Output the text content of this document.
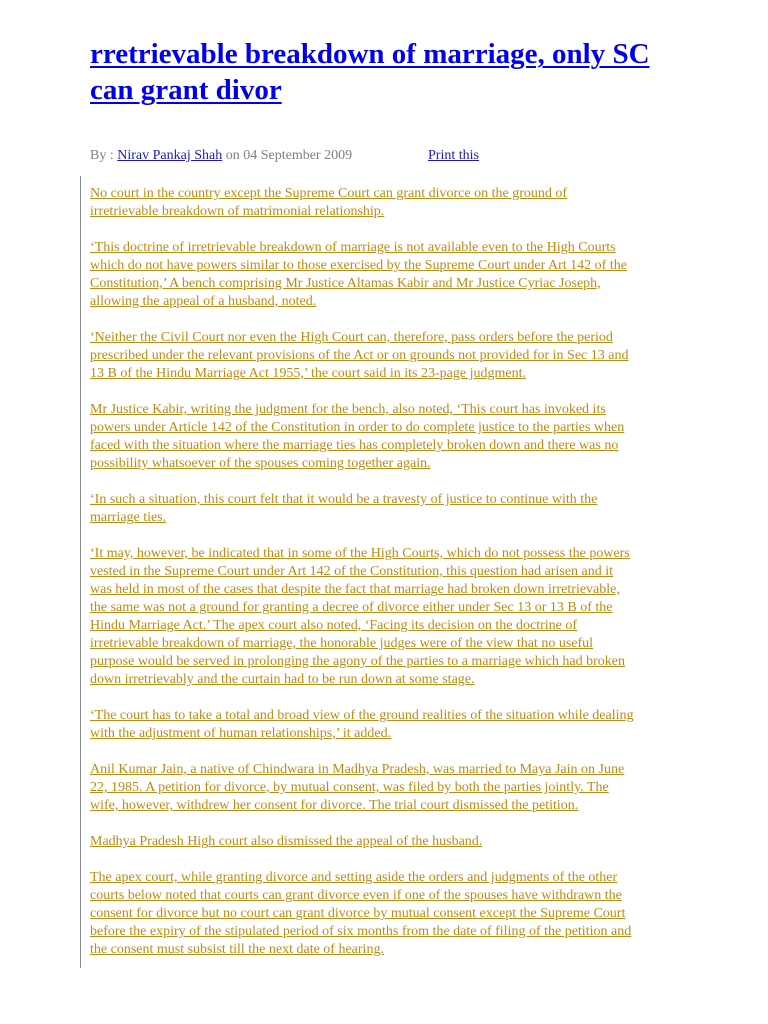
rretrievable breakdown of marriage, only SC
can grant divor
By : Nirav Pankaj Shah on 04 September 2009	Print this

No court in the country except the Supreme Court can grant divorce on the ground of
irretrievable breakdown of matrimonial relationship.

‘This doctrine of irretrievable breakdown of marriage is not available even to the High Courts
which do not have powers similar to those exercised by the Supreme Court under Art 142 of the
Constitution,’ A bench comprising Mr Justice Altamas Kabir and Mr Justice Cyriac Joseph,
allowing the appeal of a husband, noted.

‘Neither the Civil Court nor even the High Court can, therefore, pass orders before the period
prescribed under the relevant provisions of the Act or on grounds not provided for in Sec 13 and
13 B of the Hindu Marriage Act 1955,’ the court said in its 23-page judgment.

Mr Justice Kabir, writing the judgment for the bench, also noted, ‘This court has invoked its
powers under Article 142 of the Constitution in order to do complete justice to the parties when
faced with the situation where the marriage ties has completely broken down and there was no
possibility whatsoever of the spouses coming together again.

‘In such a situation, this court felt that it would be a travesty of justice to continue with the
marriage ties.

‘It may, however, be indicated that in some of the High Courts, which do not possess the powers
vested in the Supreme Court under Art 142 of the Constitution, this question had arisen and it
was held in most of the cases that despite the fact that marriage had broken down irretrievable,
the same was not a ground for granting a decree of divorce either under Sec 13 or 13 B of the
Hindu Marriage Act.’ The apex court also noted, ‘Facing its decision on the doctrine of
irretrievable breakdown of marriage, the honorable judges were of the view that no useful
purpose would be served in prolonging the agony of the parties to a marriage which had broken
down irretrievably and the curtain had to be run down at some stage.

‘The court has to take a total and broad view of the ground realities of the situation while dealing
with the adjustment of human relationships,’ it added.

Anil Kumar Jain, a native of Chindwara in Madhya Pradesh, was married to Maya Jain on June
22, 1985. A petition for divorce, by mutual consent, was filed by both the parties jointly. The
wife, however, withdrew her consent for divorce. The trial court dismissed the petition.

Madhya Pradesh High court also dismissed the appeal of the husband.

The apex court, while granting divorce and setting aside the orders and judgments of the other
courts below noted that courts can grant divorce even if one of the spouses have withdrawn the
consent for divorce but no court can grant divorce by mutual consent except the Supreme Court
before the expiry of the stipulated period of six months from the date of filing of the petition and
the consent must subsist till the next date of hearing.
